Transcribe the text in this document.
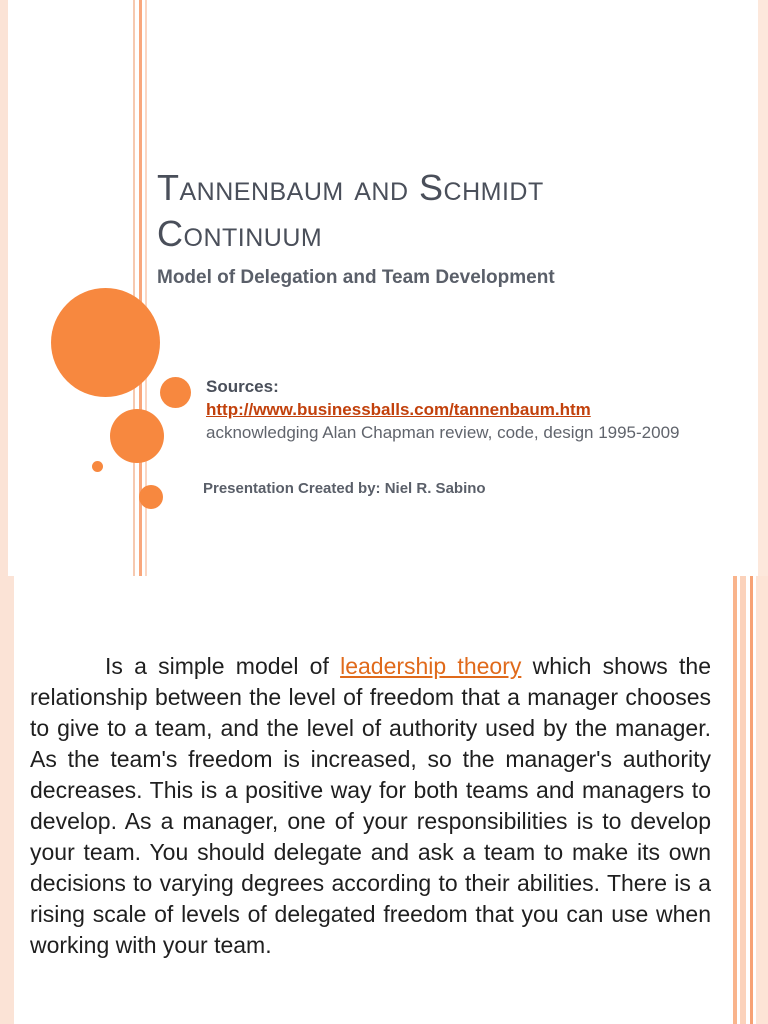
Tannenbaum and Schmidt Continuum
Model of Delegation and Team Development
Sources:
http://www.businessballs.com/tannenbaum.htm
acknowledging Alan Chapman review, code, design 1995-2009
Presentation Created by: Niel R. Sabino

Is a simple model of leadership theory which shows the relationship between the level of freedom that a manager chooses to give to a team, and the level of authority used by the manager. As the team's freedom is increased, so the manager's authority decreases. This is a positive way for both teams and managers to develop. As a manager, one of your responsibilities is to develop your team. You should delegate and ask a team to make its own decisions to varying degrees according to their abilities. There is a rising scale of levels of delegated freedom that you can use when working with your team.
